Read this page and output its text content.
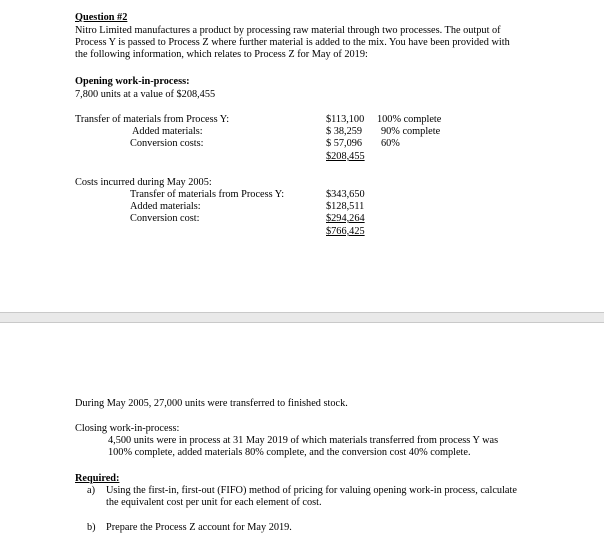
Question #2
Nitro Limited manufactures a product by processing raw material through two processes. The output of
Process Y is passed to Process Z where further material is added to the mix. You have been provided with
the following information, which relates to Process Z for May of 2019:
Opening work-in-process:
7,800 units at a value of $208,455
Transfer of materials from Process Y:	$113,100 100% complete
Added materials:	$ 38,259 90% complete
Conversion costs:	$ 57,096 60%
$208,455
Costs incurred during May 2005:
Transfer of materials from Process Y:	$343,650
Added materials:	$128,511
Conversion cost:	$294,264
$766,425
During May 2005, 27,000 units were transferred to finished stock.
Closing work-in-process:
4,500 units were in process at 31 May 2019 of which materials transferred from process Y was
100% complete, added materials 80% complete, and the conversion cost 40% complete.
Required:
a) Using the first-in, first-out (FIFO) method of pricing for valuing opening work-in process, calculate
the equivalent cost per unit for each element of cost.
b) Prepare the Process Z account for May 2019.
